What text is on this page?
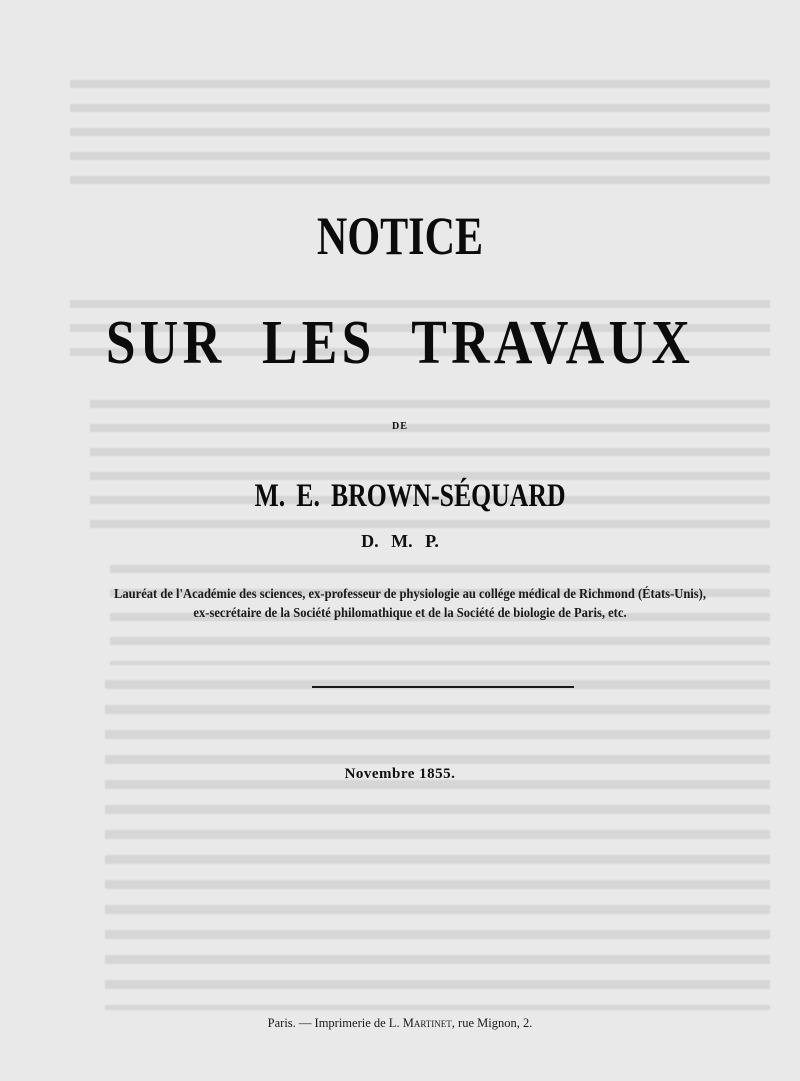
NOTICE
SUR LES TRAVAUX
DE
M. E. BROWN-SÉQUARD
D. M. P.
Lauréat de l'Académie des sciences, ex-professeur de physiologie au collége médical de Richmond (États-Unis),
ex-secrétaire de la Société philomathique et de la Société de biologie de Paris, etc.
Novembre 1855.
Paris. — Imprimerie de L. Martinet, rue Mignon, 2.
